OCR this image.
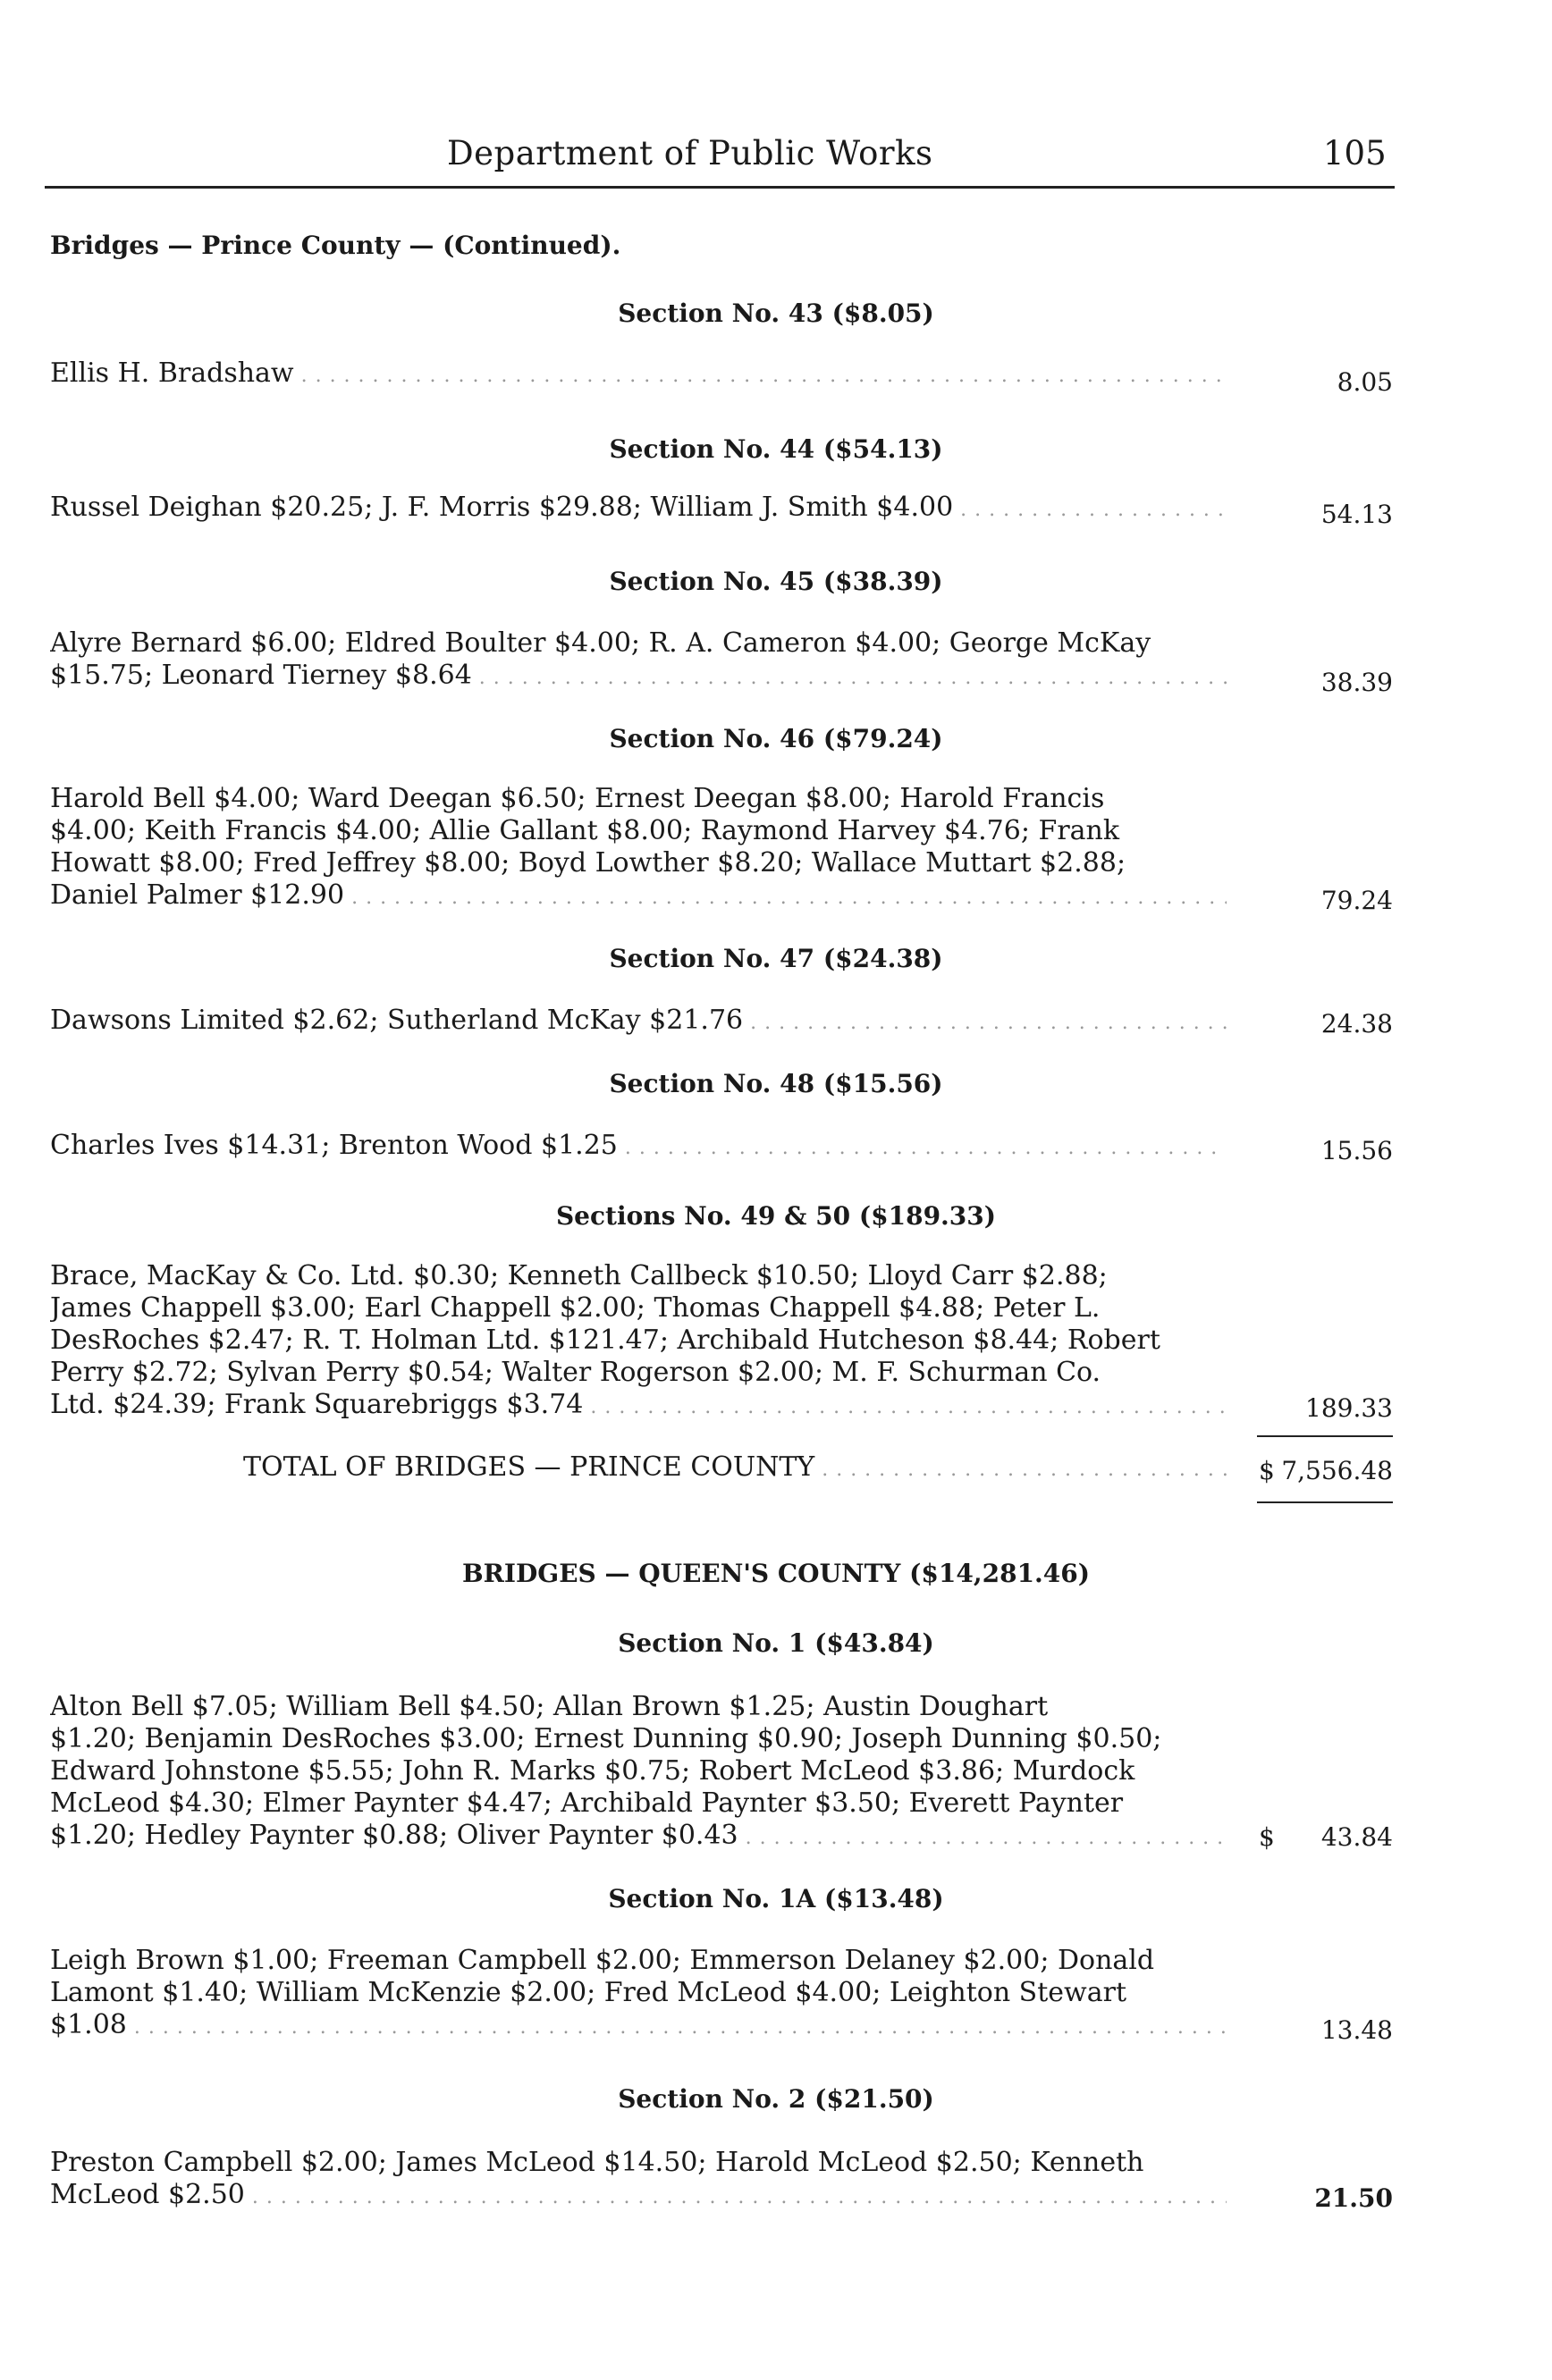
Department of Public Works	105
Bridges — Prince County — (Continued).
Section No. 43 ($8.05)
Ellis H. Bradshaw . . .	8.05
Section No. 44 ($54.13)
Russel Deighan $20.25; J. F. Morris $29.88; William J. Smith $4.00 . . .	54.13
Section No. 45 ($38.39)
Alyre Bernard $6.00; Eldred Boulter $4.00; R. A. Cameron $4.00; George McKay
$15.75; Leonard Tierney $8.64 . . .	38.39
Section No. 46 ($79.24)
Harold Bell $4.00; Ward Deegan $6.50; Ernest Deegan $8.00; Harold Francis
$4.00; Keith Francis $4.00; Allie Gallant $8.00; Raymond Harvey $4.76; Frank
Howatt $8.00; Fred Jeffrey $8.00; Boyd Lowther $8.20; Wallace Muttart $2.88;
Daniel Palmer $12.90 . . .	79.24
Section No. 47 ($24.38)
Dawsons Limited $2.62; Sutherland McKay $21.76 . . .	24.38
Section No. 48 ($15.56)
Charles Ives $14.31; Brenton Wood $1.25 . . .	15.56
Sections No. 49 & 50 ($189.33)
Brace, MacKay & Co. Ltd. $0.30; Kenneth Callbeck $10.50; Lloyd Carr $2.88;
James Chappell $3.00; Earl Chappell $2.00; Thomas Chappell $4.88; Peter L.
DesRoches $2.47; R. T. Holman Ltd. $121.47; Archibald Hutcheson $8.44; Robert
Perry $2.72; Sylvan Perry $0.54; Walter Rogerson $2.00; M. F. Schurman Co.
Ltd. $24.39; Frank Squarebriggs $3.74 . . .	189.33
TOTAL OF BRIDGES — PRINCE COUNTY . . .	$ 7,556.48
BRIDGES — QUEEN'S COUNTY ($14,281.46)
Section No. 1 ($43.84)
Alton Bell $7.05; William Bell $4.50; Allan Brown $1.25; Austin Doughart
$1.20; Benjamin DesRoches $3.00; Ernest Dunning $0.90; Joseph Dunning $0.50;
Edward Johnstone $5.55; John R. Marks $0.75; Robert McLeod $3.86; Murdock
McLeod $4.30; Elmer Paynter $4.47; Archibald Paynter $3.50; Everett Paynter
$1.20; Hedley Paynter $0.88; Oliver Paynter $0.43 . . .	$	43.84
Section No. 1A ($13.48)
Leigh Brown $1.00; Freeman Campbell $2.00; Emmerson Delaney $2.00; Donald
Lamont $1.40; William McKenzie $2.00; Fred McLeod $4.00; Leighton Stewart
$1.08 . . .	13.48
Section No. 2 ($21.50)
Preston Campbell $2.00; James McLeod $14.50; Harold McLeod $2.50; Kenneth
McLeod $2.50 . . .	21.50
